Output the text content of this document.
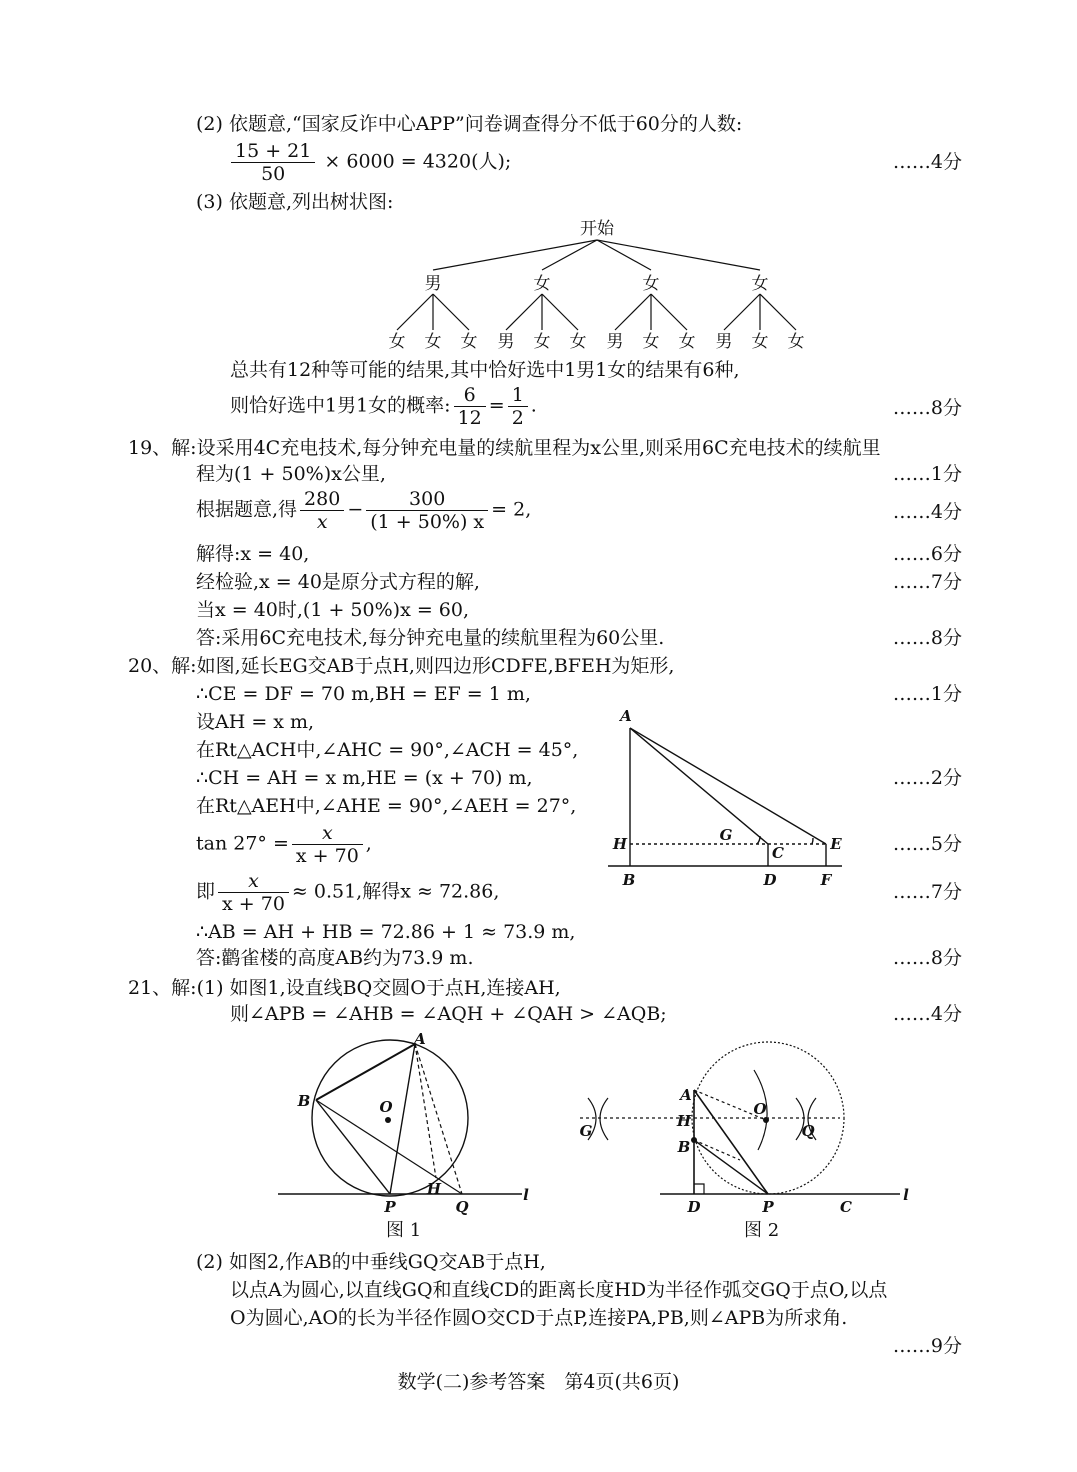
(2) 依题意,“国家反诈中心APP”问卷调查得分不低于60分的人数:
$\frac{15 + 21}{50} \times 6000 = 4320$(人);	……4分
(3) 依题意,列出树状图:
开始
男	女	女	女
女 女 女 男 女 女 男 女 女 男 女 女
总共有12种等可能的结果,其中恰好选中1男1女的结果有6种,
则恰好选中1男1女的概率: $\frac{6}{12} = \frac{1}{2}$ .	……8分
19、解:设采用4C充电技术,每分钟充电量的续航里程为x公里,则采用6C充电技术的续航里
程为(1 + 50%)x公里,	……1分
根据题意,得 $\frac{280}{x} - \frac{300}{(1 + 50\%) x} = 2$,	……4分
解得:x = 40,	……6分
经检验,x = 40是原分式方程的解,	……7分
当x = 40时,(1 + 50%)x = 60,
答:采用6C充电技术,每分钟充电量的续航里程为60公里.	……8分
20、解:如图,延长EG交AB于点H,则四边形CDFE,BFEH为矩形,
∴CE = DF = 70 m,BH = EF = 1 m,	……1分
设AH = x m,
在Rt△ACH中,∠AHC = 90°,∠ACH = 45°,
∴CH = AH = x m,HE = (x + 70) m,	……2分
在Rt△AEH中,∠AHE = 90°,∠AEH = 27°,
$\tan 27^\circ = \frac{x}{x + 70}$ ,	……5分
即 $\frac{x}{x + 70} \approx 0.51$,解得x ≈ 72.86,	……7分
∴AB = AH + HB = 72.86 + 1 ≈ 73.9 m,
答:鹳雀楼的高度AB约为73.9 m.	……8分
A
H	G
C	E
B	D	F
21、解:(1) 如图1,设直线BQ交圆O于点H,连接AH,
则∠APB = ∠AHB = ∠AQH + ∠QAH > ∠AQB;	……4分
A
B	O
H
P	Q
l
图 1
A
H
B
O
G	Q
D	P	C
l
图 2
(2) 如图2,作AB的中垂线GQ交AB于点H,
以点A为圆心,以直线GQ和直线CD的距离长度HD为半径作弧交GQ于点O,以点
O为圆心,AO的长为半径作圆O交CD于点P,连接PA,PB,则∠APB为所求角.
……9分
数学(二)参考答案　第4页(共6页)
